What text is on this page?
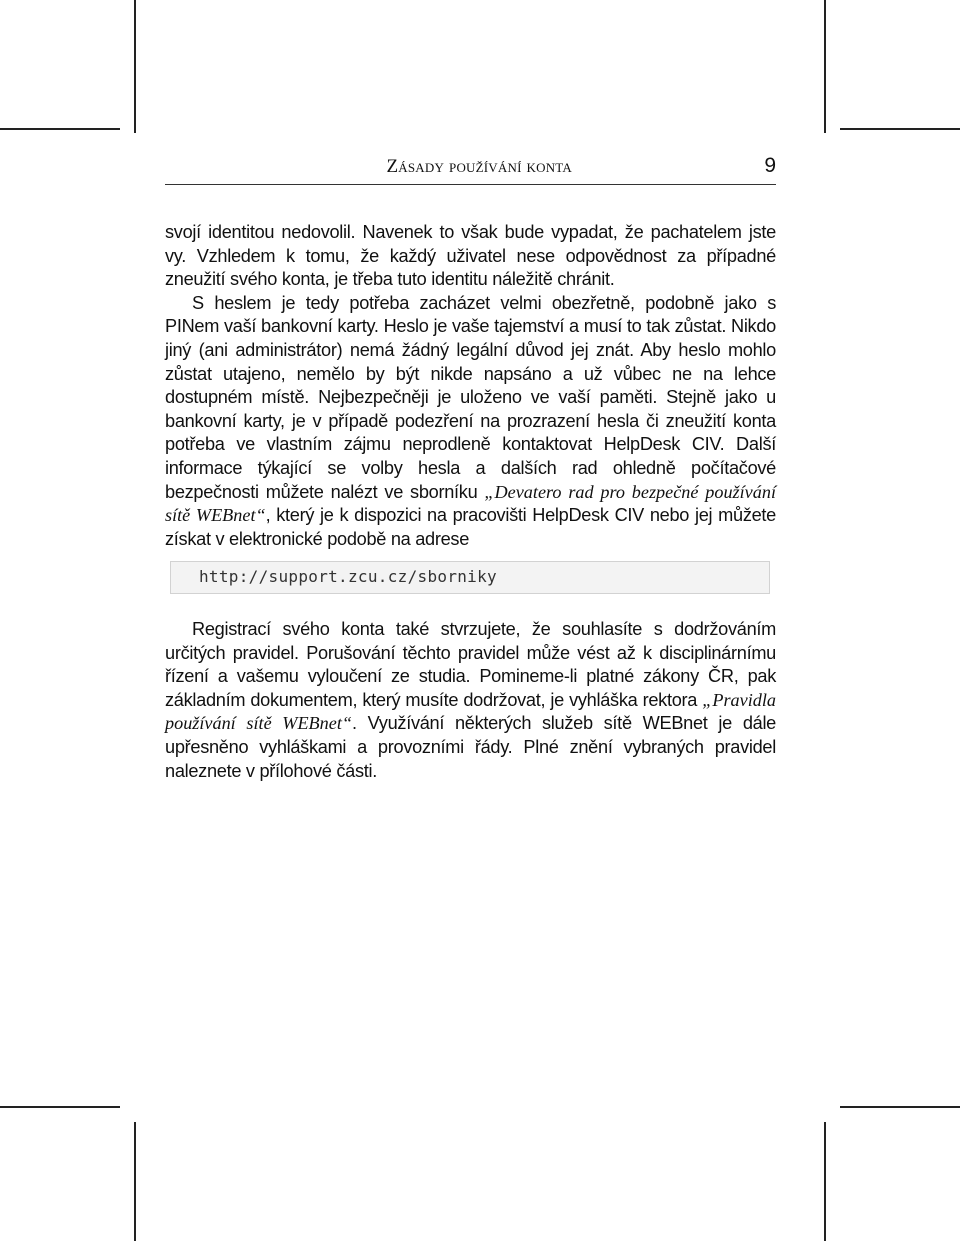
Zásady používání konta	9

svojí identitou nedovolil. Navenek to však bude vypadat, že pachatelem jste vy. Vzhledem k tomu, že každý uživatel nese odpovědnost za případné zneužití svého konta, je třeba tuto identitu náležitě chránit.

S heslem je tedy potřeba zacházet velmi obezřetně, podobně jako s PINem vaší bankovní karty. Heslo je vaše tajemství a musí to tak zůstat. Nikdo jiný (ani administrátor) nemá žádný legální důvod jej znát. Aby heslo mohlo zůstat utajeno, nemělo by být nikde napsáno a už vůbec ne na lehce dostupném místě. Nejbezpečněji je uloženo ve vaší paměti. Stejně jako u bankovní karty, je v případě podezření na prozrazení hesla či zneužití konta potřeba ve vlastním zájmu neprodleně kontaktovat HelpDesk CIV. Další informace týkající se volby hesla a dalších rad ohledně počítačové bezpečnosti můžete nalézt ve sborníku „Devatero rad pro bezpečné používání sítě WEBnet“, který je k dispozici na pracovišti HelpDesk CIV nebo jej můžete získat v elektronické podobě na adrese

http://support.zcu.cz/sborniky

Registrací svého konta také stvrzujete, že souhlasíte s dodržováním určitých pravidel. Porušování těchto pravidel může vést až k disciplinárnímu řízení a vašemu vyloučení ze studia. Pomineme-li platné zákony ČR, pak základním dokumentem, který musíte dodržovat, je vyhláška rektora „Pravidla používání sítě WEBnet“. Využívání některých služeb sítě WEBnet je dále upřesněno vyhláškami a provozními řády. Plné znění vybraných pravidel naleznete v přílohové části.
